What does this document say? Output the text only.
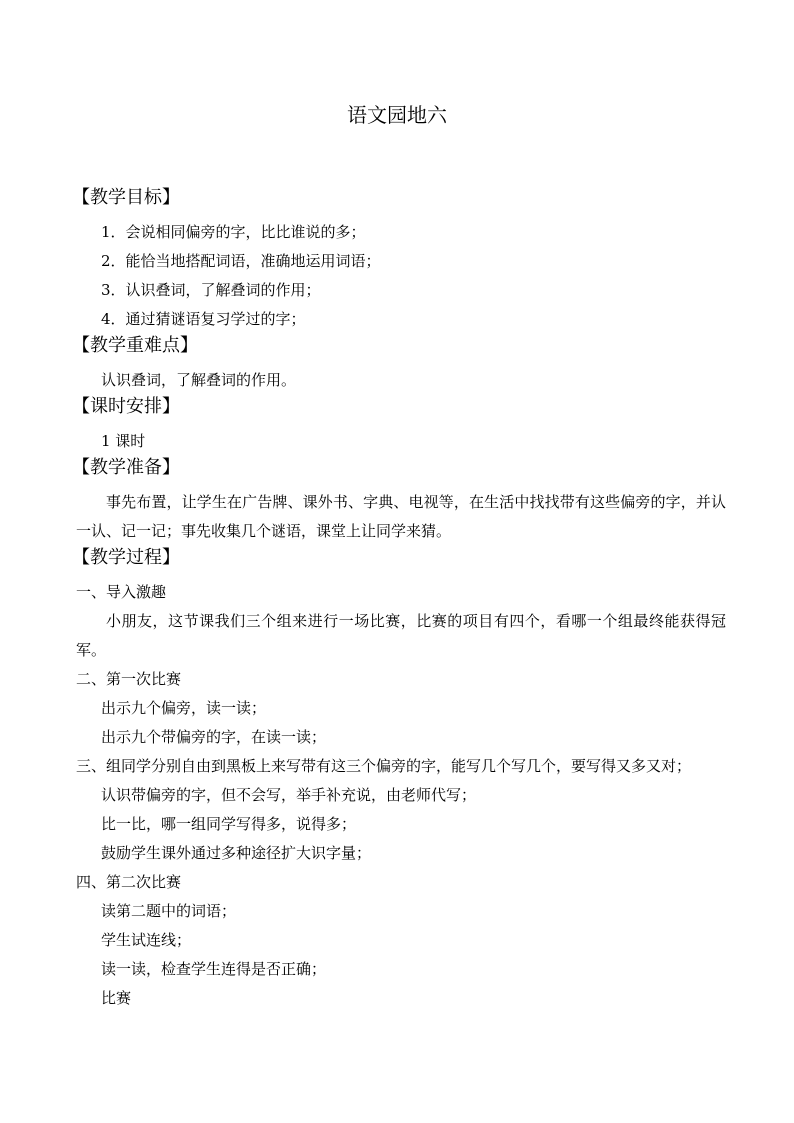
语文园地六
【教学目标】
1．会说相同偏旁的字，比比谁说的多；
2．能恰当地搭配词语，准确地运用词语；
3．认识叠词，了解叠词的作用；
4．通过猜谜语复习学过的字；
【教学重难点】
认识叠词，了解叠词的作用。
【课时安排】
1 课时
【教学准备】
事先布置，让学生在广告牌、课外书、字典、电视等，在生活中找找带有这些偏旁的字，并认一认、记一记；事先收集几个谜语，课堂上让同学来猜。
【教学过程】
一、导入激趣
小朋友，这节课我们三个组来进行一场比赛，比赛的项目有四个，看哪一个组最终能获得冠军。
二、第一次比赛
出示九个偏旁，读一读；
出示九个带偏旁的字，在读一读；
三、组同学分别自由到黑板上来写带有这三个偏旁的字，能写几个写几个，要写得又多又对；
认识带偏旁的字，但不会写，举手补充说，由老师代写；
比一比，哪一组同学写得多，说得多；
鼓励学生课外通过多种途径扩大识字量；
四、第二次比赛
读第二题中的词语；
学生试连线；
读一读，检查学生连得是否正确；
比赛
